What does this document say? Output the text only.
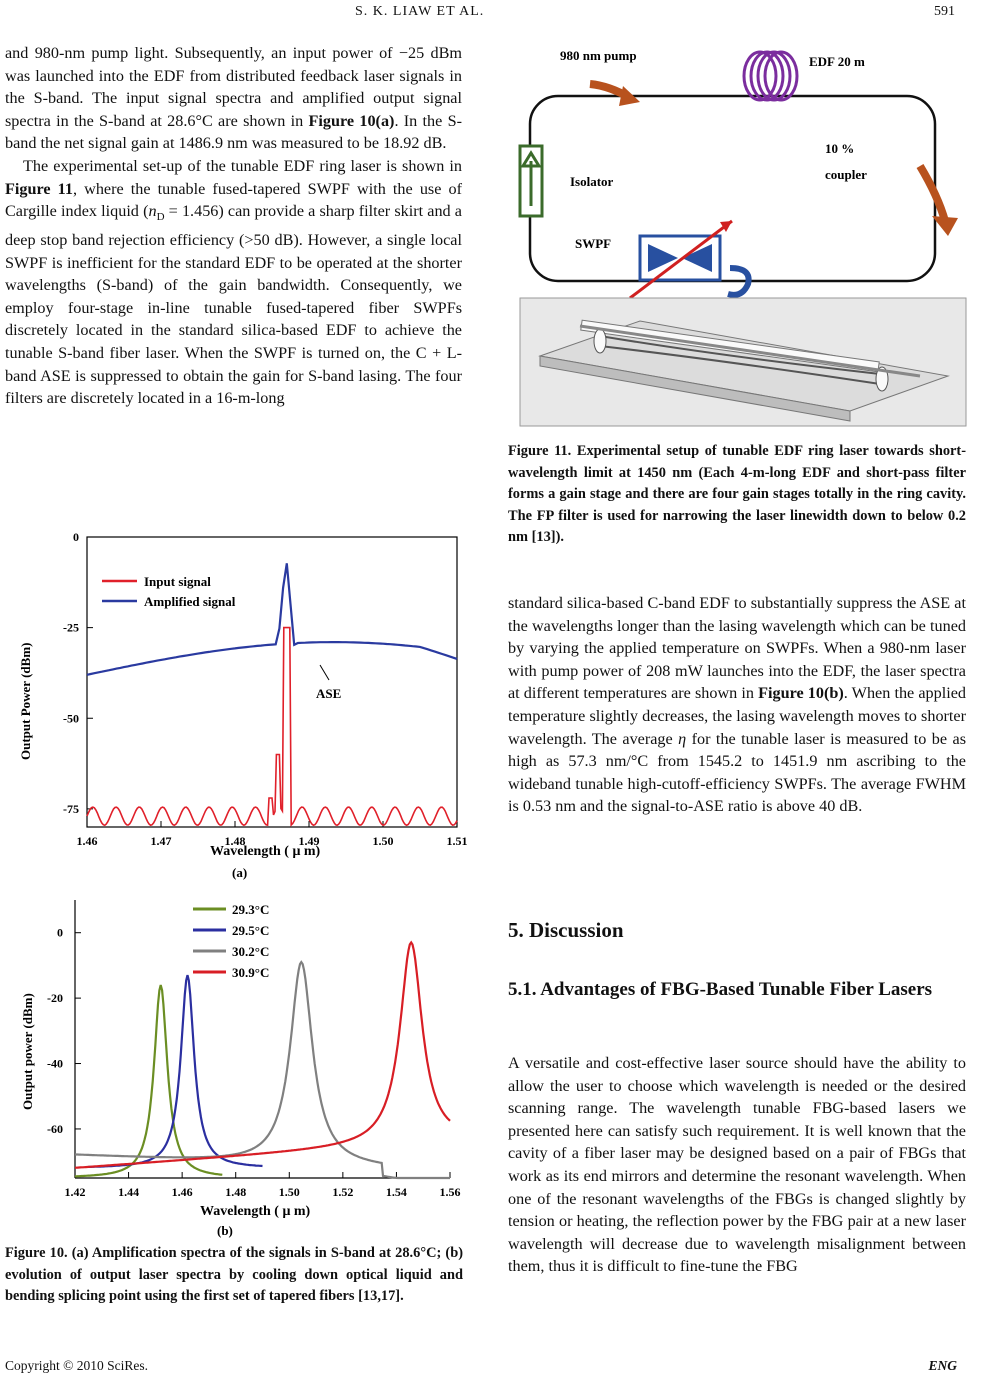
S. K. LIAW ET AL.	591

and 980-nm pump light. Subsequently, an input power of −25 dBm was launched into the EDF from distributed feedback laser signals in the S-band. The input signal spectra and amplified output signal spectra in the S-band at 28.6°C are shown in Figure 10(a). In the S-band the net signal gain at 1486.9 nm was measured to be 18.92 dB.

The experimental set-up of the tunable EDF ring laser is shown in Figure 11, where the tunable fused-tapered SWPF with the use of Cargille index liquid $(n_D = 1.456)$ can provide a sharp filter skirt and a deep stop band rejection efficiency (>50 dB). However, a single local SWPF is inefficient for the standard EDF to be operated at the shorter wavelengths (S-band) of the gain bandwidth. Consequently, we employ four-stage in-line tunable fused-tapered fiber SWPFs discretely located in the standard silica-based EDF to achieve the tunable S-band fiber laser. When the SWPF is turned on, the C + L-band ASE is suppressed to obtain the gain for S-band lasing. The four filters are discretely located in a 16-m-long

0
-25
-50
-75
1.46	1.47	1.48	1.49	1.50	1.51
Input signal
Amplified signal
ASE
Output Power (dBm)
Wavelength ( μ m)
(a)
0
-20
-40
-60
1.42	1.44	1.46	1.48	1.50	1.52	1.54	1.56
29.3°C
29.5°C
30.2°C
30.9°C
Output power (dBm)
Wavelength ( μ m)
(b)
Figure 10. (a) Amplification spectra of the signals in S-band at 28.6°C; (b) evolution of output laser spectra by cooling down optical liquid and bending splicing point using the first set of tapered fibers [13,17].
980 nm pump	EDF 20 m
10 %
coupler
Isolator
SWPF
Figure 11. Experimental setup of tunable EDF ring laser towards short-wavelength limit at 1450 nm (Each 4-m-long EDF and short-pass filter forms a gain stage and there are four gain stages totally in the ring cavity. The FP filter is used for narrowing the laser linewidth down to below 0.2 nm [13]).

standard silica-based C-band EDF to substantially suppress the ASE at the wavelengths longer than the lasing wavelength which can be tuned by varying the applied temperature on SWPFs. When a 980-nm laser with pump power of 208 mW launches into the EDF, the laser spectra at different temperatures are shown in Figure 10(b). When the applied temperature slightly decreases, the lasing wavelength moves to shorter wavelength. The average η for the tunable laser is measured to be as high as 57.3 nm/°C from 1545.2 to 1451.9 nm ascribing to the wideband tunable high-cutoff-efficiency SWPFs. The average FWHM is 0.53 nm and the signal-to-ASE ratio is above 40 dB.

5. Discussion
5.1. Advantages of FBG-Based Tunable Fiber Lasers

A versatile and cost-effective laser source should have the ability to allow the user to choose which wavelength is needed or the desired scanning range. The wavelength tunable FBG-based lasers we presented here can satisfy such requirement. It is well known that the cavity of a fiber laser may be designed based on a pair of FBGs that work as its end mirrors and determine the resonant wavelength. When one of the resonant wavelengths of the FBGs is changed slightly by tension or heating, the reflection power by the FBG pair at a new laser wavelength will decrease due to wavelength misalignment between them, thus it is difficult to fine-tune the FBG

Copyright © 2010 SciRes.	ENG
